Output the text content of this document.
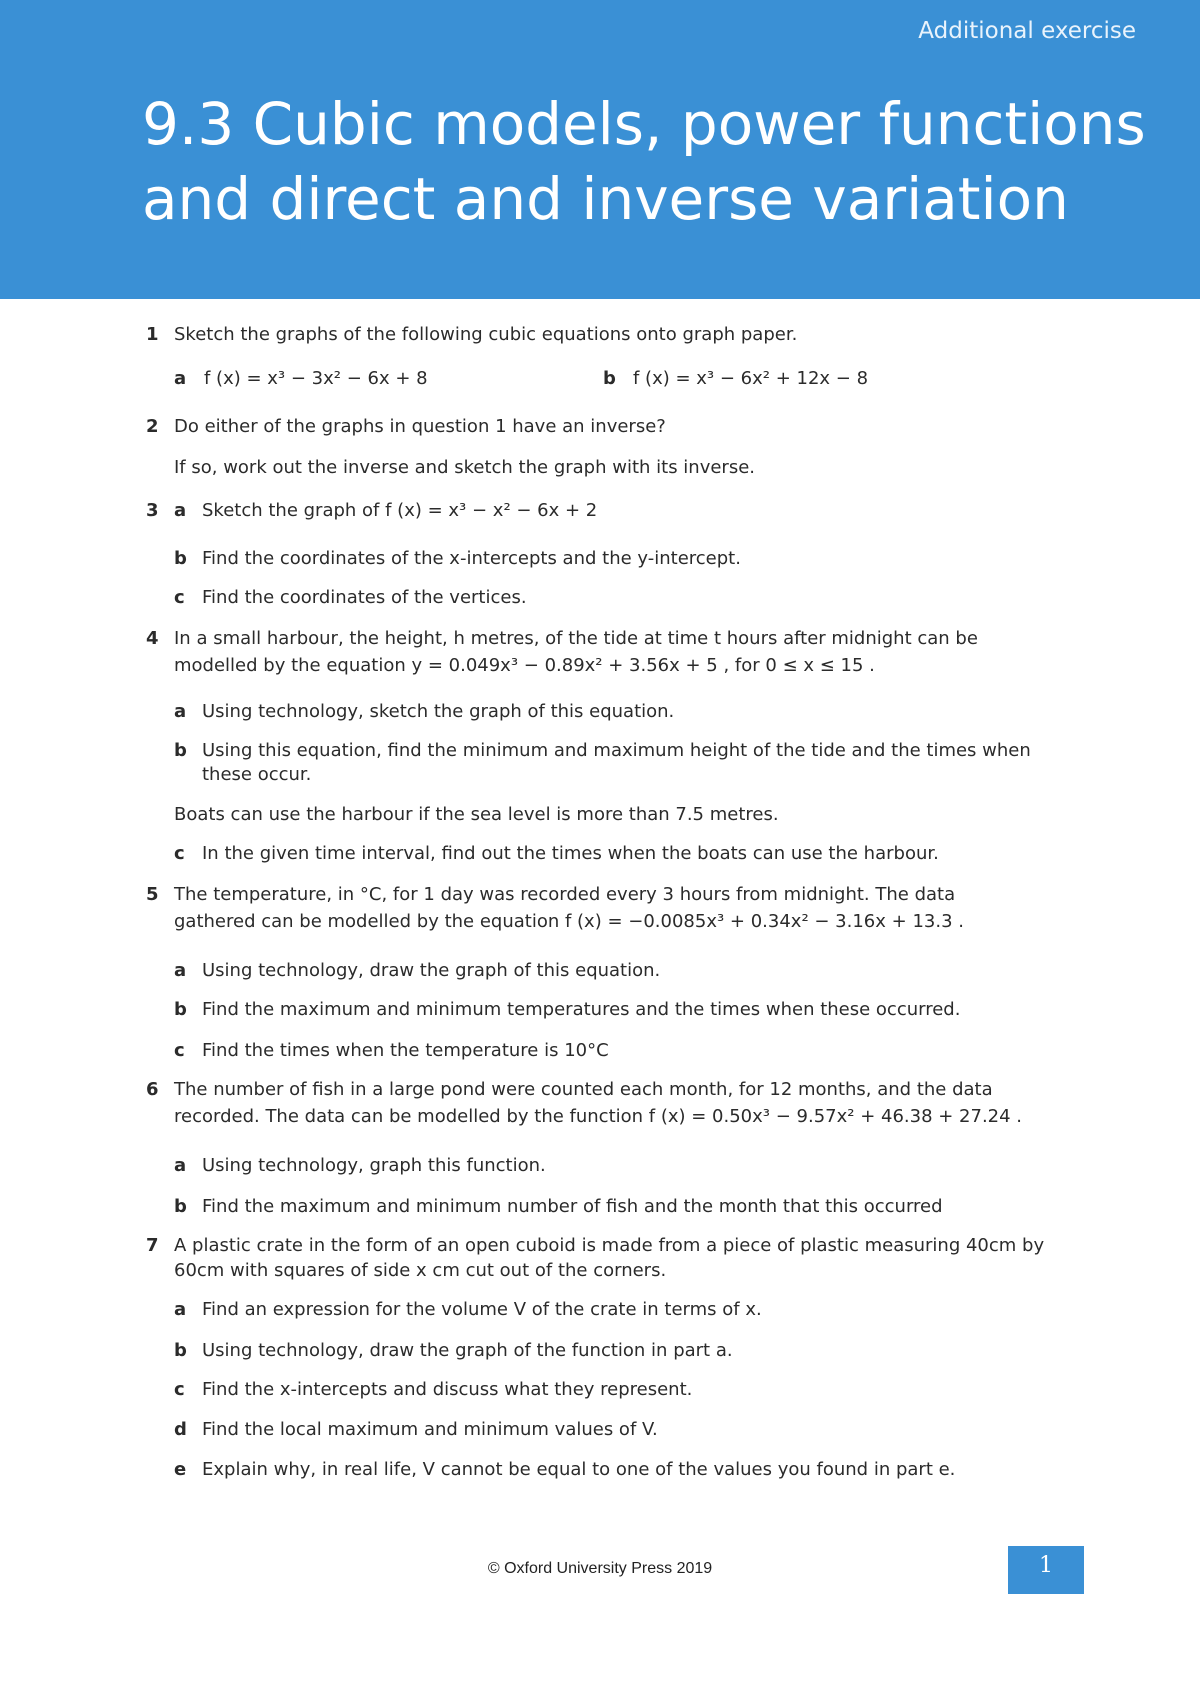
Additional exercise
9.3 Cubic models, power functions
and direct and inverse variation
1 Sketch the graphs of the following cubic equations onto graph paper.
a f (x) = x³ − 3x² − 6x + 8	b f (x) = x³ − 6x² + 12x − 8
2 Do either of the graphs in question 1 have an inverse?
If so, work out the inverse and sketch the graph with its inverse.
3 a Sketch the graph of f (x) = x³ − x² − 6x + 2
b Find the coordinates of the x-intercepts and the y-intercept.
c Find the coordinates of the vertices.
4 In a small harbour, the height, h metres, of the tide at time t hours after midnight can be
modelled by the equation y = 0.049x³ − 0.89x² + 3.56x + 5 , for 0 ≤ x ≤ 15 .
a Using technology, sketch the graph of this equation.
b Using this equation, find the minimum and maximum height of the tide and the times when
these occur.
Boats can use the harbour if the sea level is more than 7.5 metres.
c In the given time interval, find out the times when the boats can use the harbour.
5 The temperature, in °C, for 1 day was recorded every 3 hours from midnight. The data
gathered can be modelled by the equation f (x) = −0.0085x³ + 0.34x² − 3.16x + 13.3 .
a Using technology, draw the graph of this equation.
b Find the maximum and minimum temperatures and the times when these occurred.
c Find the times when the temperature is 10°C
6 The number of fish in a large pond were counted each month, for 12 months, and the data
recorded. The data can be modelled by the function f (x) = 0.50x³ − 9.57x² + 46.38 + 27.24 .
a Using technology, graph this function.
b Find the maximum and minimum number of fish and the month that this occurred
7 A plastic crate in the form of an open cuboid is made from a piece of plastic measuring 40cm by
60cm with squares of side x cm cut out of the corners.
a Find an expression for the volume V of the crate in terms of x.
b Using technology, draw the graph of the function in part a.
c Find the x-intercepts and discuss what they represent.
d Find the local maximum and minimum values of V.
e Explain why, in real life, V cannot be equal to one of the values you found in part e.
© Oxford University Press 2019	1
